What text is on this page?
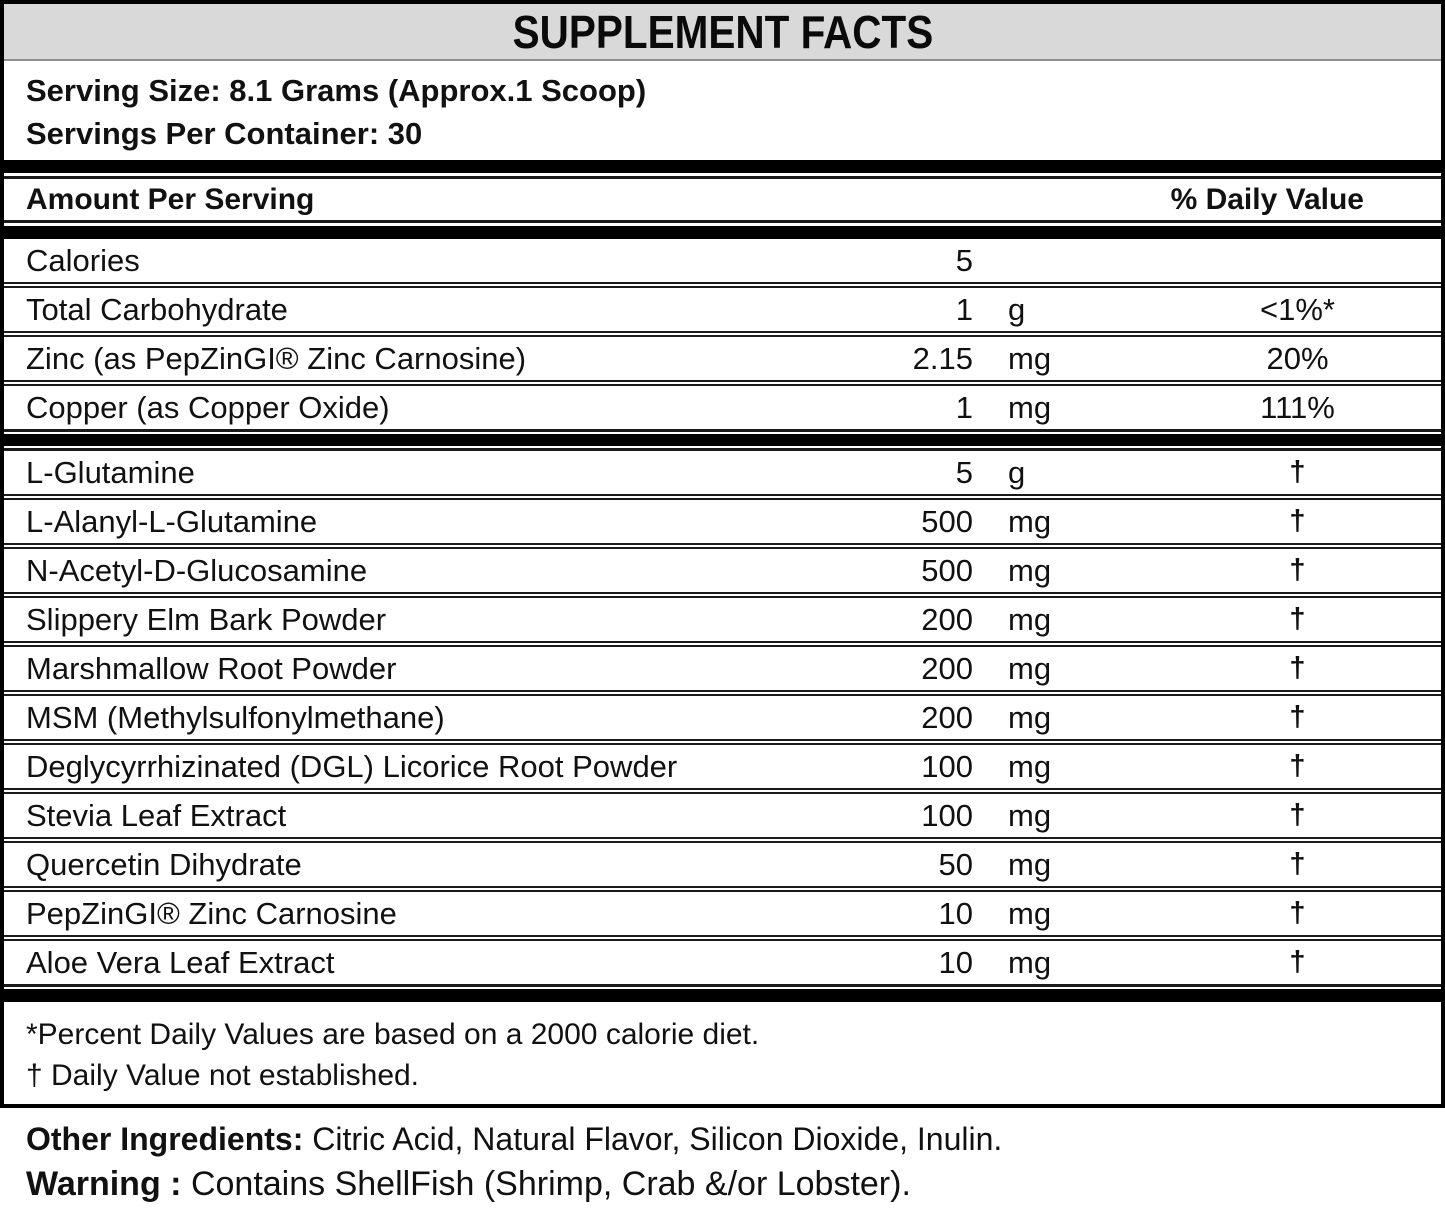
SUPPLEMENT FACTS

Serving Size: 8.1 Grams (Approx.1 Scoop)

Servings Per Container: 30

Amount Per Serving	% Daily Value
Calories	5
Total Carbohydrate	1	g	<1%*
Zinc (as PepZinGI® Zinc Carnosine)	2.15	mg	20%
Copper (as Copper Oxide)	1	mg	111%
L-Glutamine	5	g	†
L-Alanyl-L-Glutamine	500	mg	†
N-Acetyl-D-Glucosamine	500	mg	†
Slippery Elm Bark Powder	200	mg	†
Marshmallow Root Powder	200	mg	†
MSM (Methylsulfonylmethane)	200	mg	†
Deglycyrrhizinated (DGL) Licorice Root Powder	100	mg	†
Stevia Leaf Extract	100	mg	†
Quercetin Dihydrate	50	mg	†
PepZinGI® Zinc Carnosine	10	mg	†
Aloe Vera Leaf Extract	10	mg	†

*Percent Daily Values are based on a 2000 calorie diet.

† Daily Value not established.

Other Ingredients: Citric Acid, Natural Flavor, Silicon Dioxide, Inulin.

Warning : Contains ShellFish (Shrimp, Crab &/or Lobster).
